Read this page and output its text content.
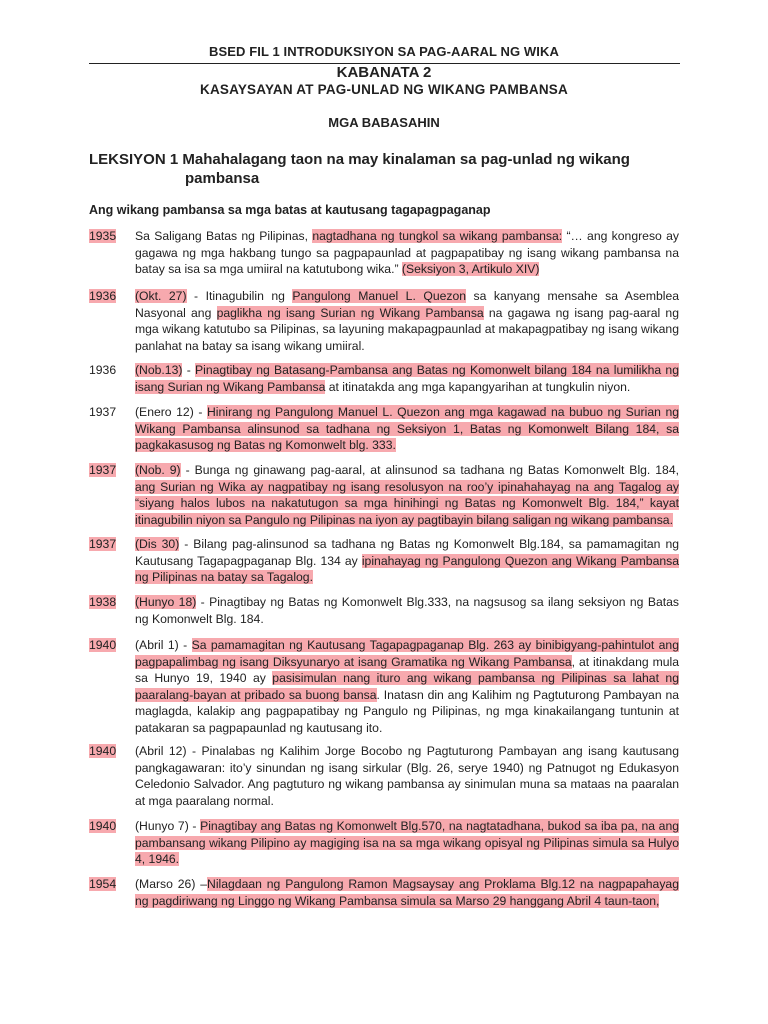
BSED FIL 1 INTRODUKSIYON SA PAG-AARAL NG WIKA
KABANATA 2
KASAYSAYAN AT PAG-UNLAD NG WIKANG PAMBANSA
MGA BABASAHIN
LEKSIYON 1 Mahahalagang taon na may kinalaman sa pag-unlad ng wikang
pambansa
Ang wikang pambansa sa mga batas at kautusang tagapagpaganap
1935	Sa Saligang Batas ng Pilipinas, nagtadhana ng tungkol sa wikang pambansa: “… ang kongreso ay gagawa ng mga hakbang tungo sa pagpapaunlad at pagpapatibay ng isang wikang pambansa na batay sa isa sa mga umiiral na katutubong wika.” (Seksiyon 3, Artikulo XIV)
1936	(Okt. 27) - Itinagubilin ng Pangulong Manuel L. Quezon sa kanyang mensahe sa Asemblea Nasyonal ang paglikha ng isang Surian ng Wikang Pambansa na gagawa ng isang pag-aaral ng mga wikang katutubo sa Pilipinas, sa layuning makapagpaunlad at makapagpatibay ng isang wikang panlahat na batay sa isang wikang umiiral.
1936	(Nob.13) - Pinagtibay ng Batasang-Pambansa ang Batas ng Komonwelt bilang 184 na lumilikha ng isang Surian ng Wikang Pambansa at itinatakda ang mga kapangyarihan at tungkulin niyon.
1937	(Enero 12) - Hinirang ng Pangulong Manuel L. Quezon ang mga kagawad na bubuo ng Surian ng Wikang Pambansa alinsunod sa tadhana ng Seksiyon 1, Batas ng Komonwelt Bilang 184, sa pagkakasusog ng Batas ng Komonwelt blg. 333.
1937	(Nob. 9) - Bunga ng ginawang pag-aaral, at alinsunod sa tadhana ng Batas Komonwelt Blg. 184, ang Surian ng Wika ay nagpatibay ng isang resolusyon na roo’y ipinahahayag na ang Tagalog ay “siyang halos lubos na nakatutugon sa mga hinihingi ng Batas ng Komonwelt Blg. 184,” kayat itinagubilin niyon sa Pangulo ng Pilipinas na iyon ay pagtibayin bilang saligan ng wikang pambansa.
1937	(Dis 30) - Bilang pag-alinsunod sa tadhana ng Batas ng Komonwelt Blg.184, sa pamamagitan ng Kautusang Tagapagpaganap Blg. 134 ay ipinahayag ng Pangulong Quezon ang Wikang Pambansa ng Pilipinas na batay sa Tagalog.
1938	(Hunyo 18) - Pinagtibay ng Batas ng Komonwelt Blg.333, na nagsusog sa ilang seksiyon ng Batas ng Komonwelt Blg. 184.
1940	(Abril 1) - Sa pamamagitan ng Kautusang Tagapagpaganap Blg. 263 ay binibigyang-pahintulot ang pagpapalimbag ng isang Diksyunaryo at isang Gramatika ng Wikang Pambansa, at itinakdang mula sa Hunyo 19, 1940 ay pasisimulan nang ituro ang wikang pambansa ng Pilipinas sa lahat ng paaralang-bayan at pribado sa buong bansa. Inatasn din ang Kalihim ng Pagtuturong Pambayan na maglagda, kalakip ang pagpapatibay ng Pangulo ng Pilipinas, ng mga kinakailangang tuntunin at patakaran sa pagpapaunlad ng kautusang ito.
1940	(Abril 12) - Pinalabas ng Kalihim Jorge Bocobo ng Pagtuturong Pambayan ang isang kautusang pangkagawaran: ito’y sinundan ng isang sirkular (Blg. 26, serye 1940) ng Patnugot ng Edukasyon Celedonio Salvador. Ang pagtuturo ng wikang pambansa ay sinimulan muna sa mataas na paaralan at mga paaralang normal.
1940	(Hunyo 7) - Pinagtibay ang Batas ng Komonwelt Blg.570, na nagtatadhana, bukod sa iba pa, na ang pambansang wikang Pilipino ay magiging isa na sa mga wikang opisyal ng Pilipinas simula sa Hulyo 4, 1946.
1954	(Marso 26) –Nilagdaan ng Pangulong Ramon Magsaysay ang Proklama Blg.12 na nagpapahayag ng pagdiriwang ng Linggo ng Wikang Pambansa simula sa Marso 29 hanggang Abril 4 taun-taon,
